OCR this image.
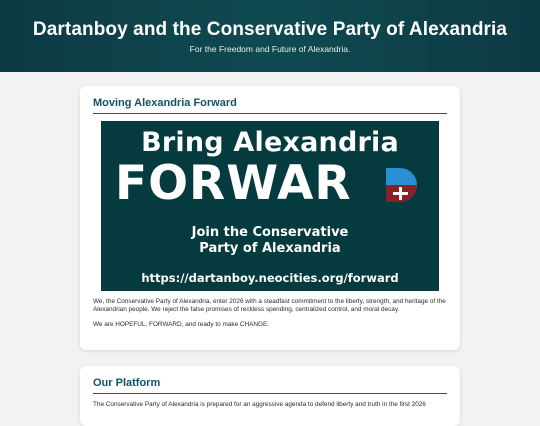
Dartanboy and the Conservative Party of Alexandria

For the Freedom and Future of Alexandria.

Moving Alexandria Forward
Bring Alexandria
FORWAR
Join the Conservative
Party of Alexandria
https://dartanboy.neocities.org/forward

We, the Conservative Party of Alexandria, enter 2026 with a steadfast commitment to the liberty, strength, and heritage of the Alexandrian people. We reject the false promises of reckless spending, centralized control, and moral decay.

We are HOPEFUL, FORWARD, and ready to make CHANGE.

Our Platform

The Conservative Party of Alexandria is prepared for an aggressive agenda to defend liberty and truth in the first 2026
